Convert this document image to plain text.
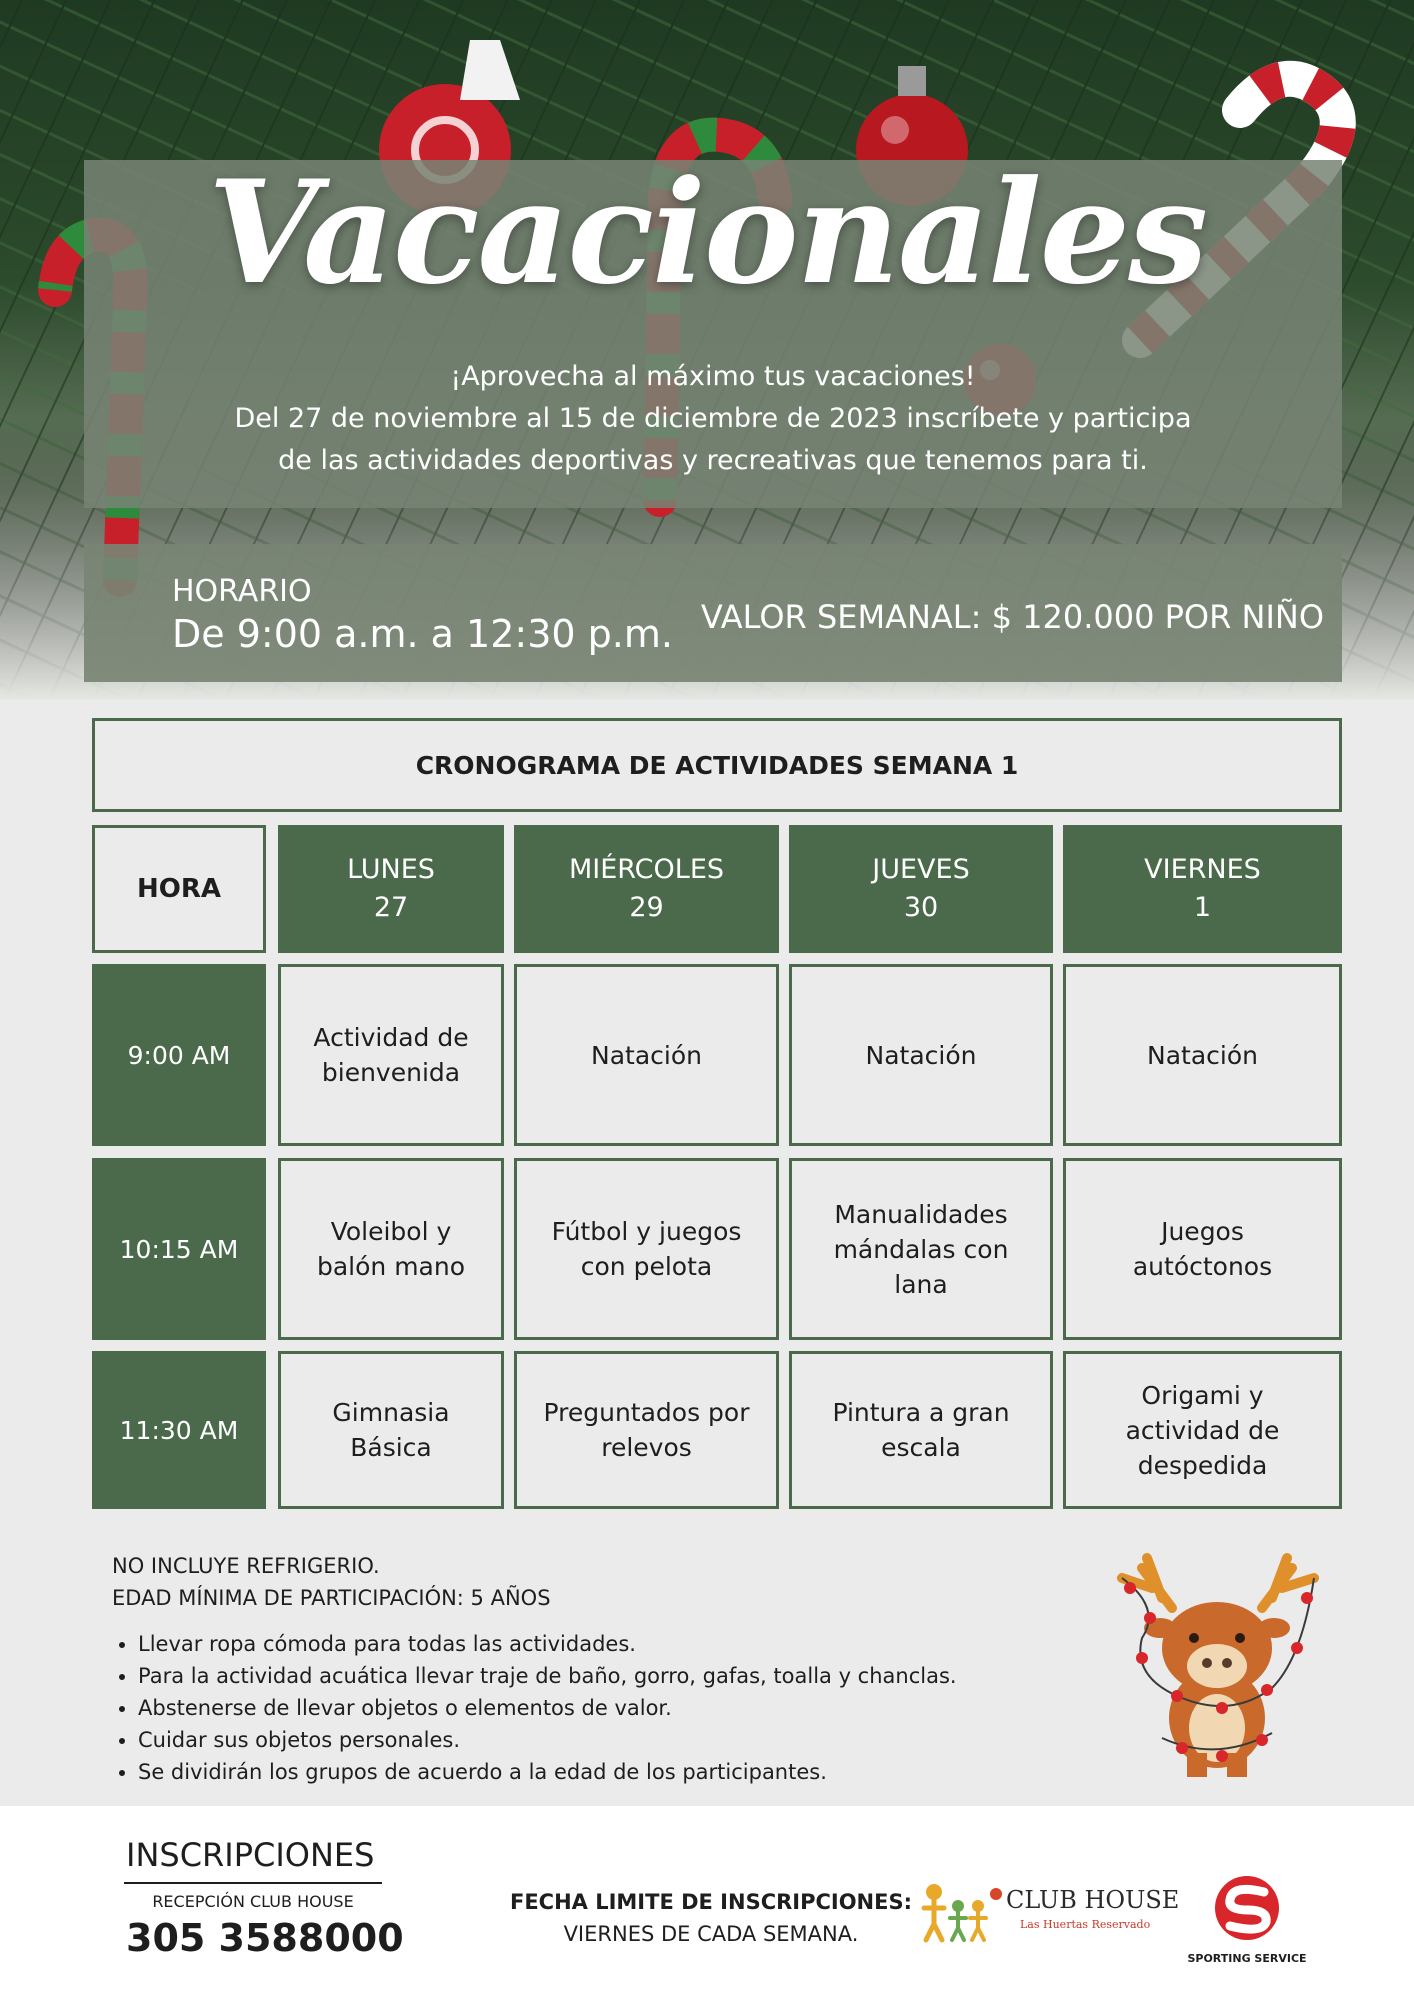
Vacacionales
¡Aprovecha al máximo tus vacaciones!
Del 27 de noviembre al 15 de diciembre de 2023 inscríbete y participa
de las actividades deportivas y recreativas que tenemos para ti.
HORARIO
De 9:00 a.m. a 12:30 p.m. VALOR SEMANAL: $ 120.000 POR NIÑO
CRONOGRAMA DE ACTIVIDADES SEMANA 1
HORA
LUNES
27
MIÉRCOLES
29
JUEVES
30
VIERNES
1
9:00 AM
Actividad de
bienvenida
Natación	Natación	Natación
10:15 AM
Voleibol y
balón mano
Fútbol y juegos
con pelota
Manualidades
mándalas con
lana
Juegos
autóctonos
11:30 AM
Gimnasia
Básica
Preguntados por
relevos
Pintura a gran
escala
Origami y
actividad de
despedida
NO INCLUYE REFRIGERIO.
EDAD MÍNIMA DE PARTICIPACIÓN: 5 AÑOS
• Llevar ropa cómoda para todas las actividades.
• Para la actividad acuática llevar traje de baño, gorro, gafas, toalla y chanclas.
• Abstenerse de llevar objetos o elementos de valor.
• Cuidar sus objetos personales.
• Se dividirán los grupos de acuerdo a la edad de los participantes.
INSCRIPCIONES
RECEPCIÓN CLUB HOUSE
305 3588000
FECHA LIMITE DE INSCRIPCIONES:
VIERNES DE CADA SEMANA.
CLUB HOUSE
Las Huertas Reservado
SPORTING SERVICE
